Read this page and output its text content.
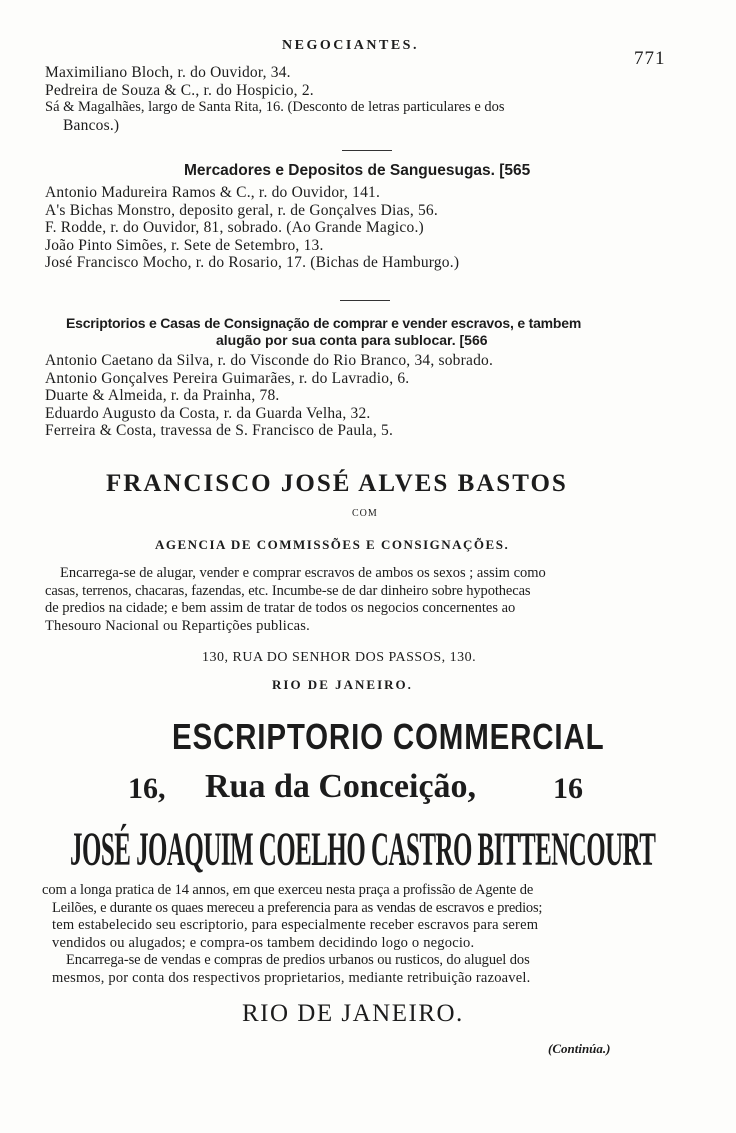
NEGOCIANTES.
771
Maximiliano Bloch, r. do Ouvidor, 34.
Pedreira de Souza & C., r. do Hospicio, 2.
Sá & Magalhães, largo de Santa Rita, 16. (Desconto de letras particulares e dos
Bancos.)
Mercadores e Depositos de Sanguesugas. [565
Antonio Madureira Ramos & C., r. do Ouvidor, 141.
A's Bichas Monstro, deposito geral, r. de Gonçalves Dias, 56.
F. Rodde, r. do Ouvidor, 81, sobrado. (Ao Grande Magico.)
João Pinto Simões, r. Sete de Setembro, 13.
José Francisco Mocho, r. do Rosario, 17. (Bichas de Hamburgo.)
Escriptorios e Casas de Consignação de comprar e vender escravos, e tambem
alugão por sua conta para sublocar. [566
Antonio Caetano da Silva, r. do Visconde do Rio Branco, 34, sobrado.
Antonio Gonçalves Pereira Guimarães, r. do Lavradio, 6.
Duarte & Almeida, r. da Prainha, 78.
Eduardo Augusto da Costa, r. da Guarda Velha, 32.
Ferreira & Costa, travessa de S. Francisco de Paula, 5.
FRANCISCO JOSÉ ALVES BASTOS
COM
AGENCIA DE COMMISSÕES E CONSIGNAÇÕES.
Encarrega-se de alugar, vender e comprar escravos de ambos os sexos ; assim como
casas, terrenos, chacaras, fazendas, etc. Incumbe-se de dar dinheiro sobre hypothecas
de predios na cidade; e bem assim de tratar de todos os negocios concernentes ao
Thesouro Nacional ou Repartições publicas.
130, RUA DO SENHOR DOS PASSOS, 130.
RIO DE JANEIRO.
ESCRIPTORIO COMMERCIAL
16, Rua da Conceição,	16
JOSÉ JOAQUIM COELHO CASTRO BITTENCOURT
com a longa pratica de 14 annos, em que exerceu nesta praça a profissão de Agente de
Leilões, e durante os quaes mereceu a preferencia para as vendas de escravos e predios;
tem estabelecido seu escriptorio, para especialmente receber escravos para serem
vendidos ou alugados; e compra-os tambem decidindo logo o negocio.
Encarrega-se de vendas e compras de predios urbanos ou rusticos, do aluguel dos
mesmos, por conta dos respectivos proprietarios, mediante retribuição razoavel.
RIO DE JANEIRO.
(Continúa.)
